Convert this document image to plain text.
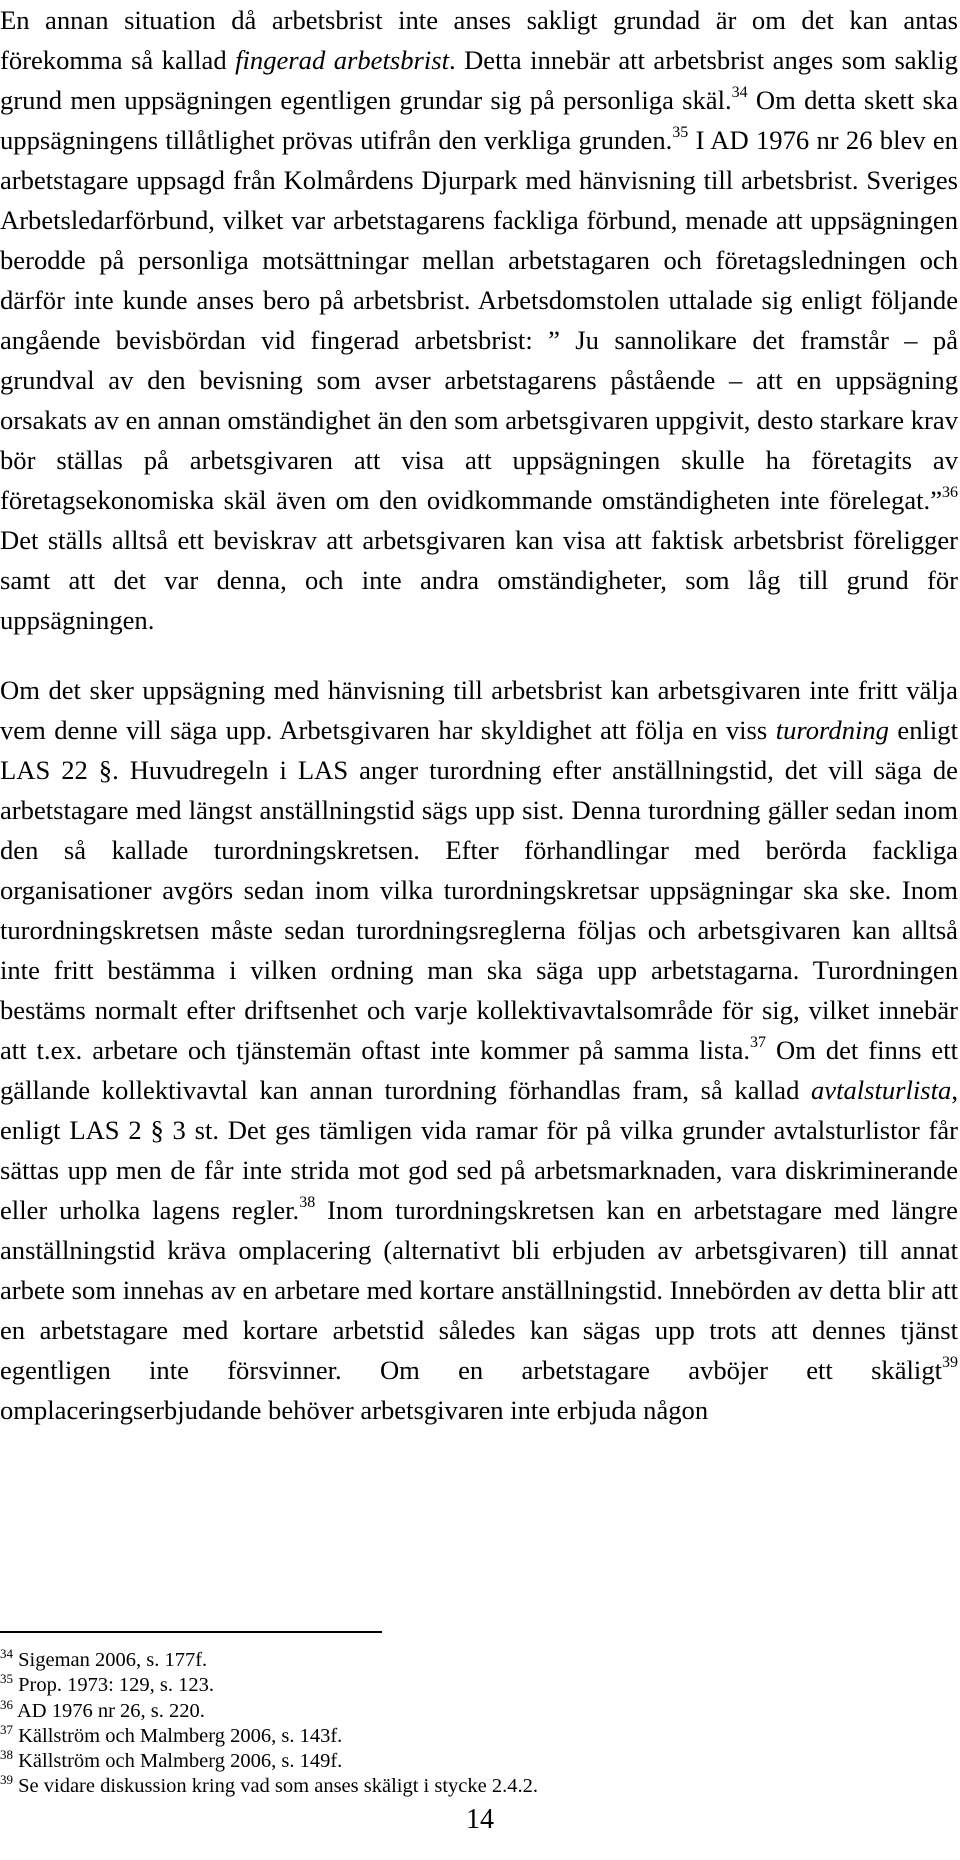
En annan situation då arbetsbrist inte anses sakligt grundad är om det kan antas förekomma så kallad fingerad arbetsbrist. Detta innebär att arbetsbrist anges som saklig grund men uppsägningen egentligen grundar sig på personliga skäl.$^{34}$ Om detta skett ska uppsägningens tillåtlighet prövas utifrån den verkliga grunden.$^{35}$ I AD 1976 nr 26 blev en arbetstagare uppsagd från Kolmårdens Djurpark med hänvisning till arbetsbrist. Sveriges Arbetsledarförbund, vilket var arbetstagarens fackliga förbund, menade att uppsägningen berodde på personliga motsättningar mellan arbetstagaren och företagsledningen och därför inte kunde anses bero på arbetsbrist. Arbetsdomstolen uttalade sig enligt följande angående bevisbördan vid fingerad arbetsbrist: ” Ju sannolikare det framstår – på grundval av den bevisning som avser arbetstagarens påstående – att en uppsägning orsakats av en annan omständighet än den som arbetsgivaren uppgivit, desto starkare krav bör ställas på arbetsgivaren att visa att uppsägningen skulle ha företagits av företagsekonomiska skäl även om den ovidkommande omständigheten inte förelegat.”$^{36}$ Det ställs alltså ett beviskrav att arbetsgivaren kan visa att faktisk arbetsbrist föreligger samt att det var denna, och inte andra omständigheter, som låg till grund för uppsägningen.

Om det sker uppsägning med hänvisning till arbetsbrist kan arbetsgivaren inte fritt välja vem denne vill säga upp. Arbetsgivaren har skyldighet att följa en viss turordning enligt LAS 22 §. Huvudregeln i LAS anger turordning efter anställningstid, det vill säga de arbetstagare med längst anställningstid sägs upp sist. Denna turordning gäller sedan inom den så kallade turordningskretsen. Efter förhandlingar med berörda fackliga organisationer avgörs sedan inom vilka turordningskretsar uppsägningar ska ske. Inom turordningskretsen måste sedan turordningsreglerna följas och arbetsgivaren kan alltså inte fritt bestämma i vilken ordning man ska säga upp arbetstagarna. Turordningen bestäms normalt efter driftsenhet och varje kollektivavtalsområde för sig, vilket innebär att t.ex. arbetare och tjänstemän oftast inte kommer på samma lista.$^{37}$ Om det finns ett gällande kollektivavtal kan annan turordning förhandlas fram, så kallad avtalsturlista, enligt LAS 2 § 3 st. Det ges tämligen vida ramar för på vilka grunder avtalsturlistor får sättas upp men de får inte strida mot god sed på arbetsmarknaden, vara diskriminerande eller urholka lagens regler.$^{38}$ Inom turordningskretsen kan en arbetstagare med längre anställningstid kräva omplacering (alternativt bli erbjuden av arbetsgivaren) till annat arbete som innehas av en arbetare med kortare anställningstid. Innebörden av detta blir att en arbetstagare med kortare arbetstid således kan sägas upp trots att dennes tjänst egentligen inte försvinner. Om en arbetstagare avböjer ett skäligt$^{39}$ omplaceringserbjudande behöver arbetsgivaren inte erbjuda någon

$^{34}$ Sigeman 2006, s. 177f.
$^{35}$ Prop. 1973: 129, s. 123.
$^{36}$ AD 1976 nr 26, s. 220.
$^{37}$ Källström och Malmberg 2006, s. 143f.
$^{38}$ Källström och Malmberg 2006, s. 149f.
$^{39}$ Se vidare diskussion kring vad som anses skäligt i stycke 2.4.2.
14
